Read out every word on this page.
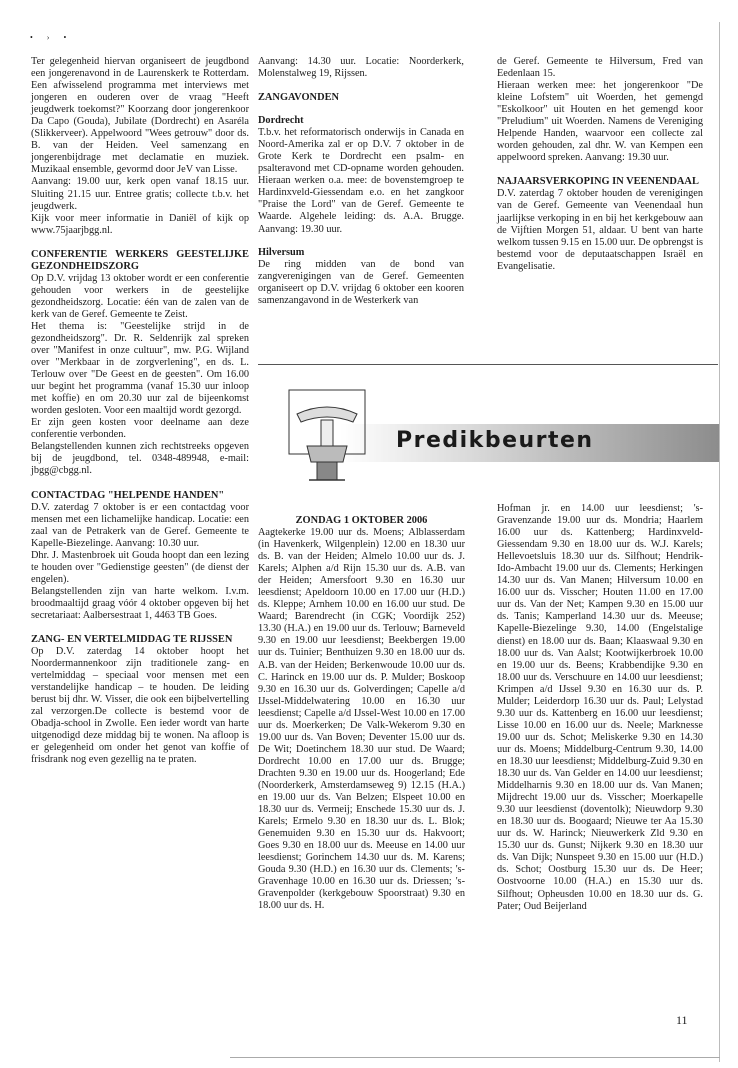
• › •

Ter gelegenheid hiervan organiseert de jeugdbond een jongerenavond in de Laurenskerk te Rotterdam. Een afwisselend programma met interviews met jongeren en ouderen over de vraag "Heeft jeugdwerk toekomst?" Koorzang door jongerenkoor Da Capo (Gouda), Jubilate (Dordrecht) en Asaréla (Slikkerveer). Appelwoord "Wees getrouw" door ds. B. van der Heiden. Veel samenzang en jongerenbijdrage met declamatie en muziek. Muzikaal ensemble, gevormd door JeV van Lisse.

Aanvang: 19.00 uur, kerk open vanaf 18.15 uur. Sluiting 21.15 uur. Entree gratis; collecte t.b.v. het jeugdwerk.

Kijk voor meer informatie in Daniël of kijk op www.75jaarjbgg.nl.

CONFERENTIE WERKERS GEESTELIJKE GEZONDHEIDSZORG

Op D.V. vrijdag 13 oktober wordt er een conferentie gehouden voor werkers in de geestelijke gezondheidszorg. Locatie: één van de zalen van de kerk van de Geref. Gemeente te Zeist.

Het thema is: "Geestelijke strijd in de gezondheidszorg". Dr. R. Seldenrijk zal spreken over "Manifest in onze cultuur", mw. P.G. Wijland over "Merkbaar in de zorgverlening", en ds. L. Terlouw over "De Geest en de geesten". Om 16.00 uur begint het programma (vanaf 15.30 uur inloop met koffie) en om 20.30 uur zal de bijeenkomst worden gesloten. Voor een maaltijd wordt gezorgd.

Er zijn geen kosten voor deelname aan deze conferentie verbonden.

Belangstellenden kunnen zich rechtstreeks opgeven bij de jeugdbond, tel. 0348-489948, e-mail: jbgg@cbgg.nl.

CONTACTDAG "HELPENDE HANDEN"

D.V. zaterdag 7 oktober is er een contactdag voor mensen met een lichamelijke handicap. Locatie: een zaal van de Petrakerk van de Geref. Gemeente te Kapelle-Biezelinge. Aanvang: 10.30 uur.

Dhr. J. Mastenbroek uit Gouda hoopt dan een lezing te houden over "Gedienstige geesten" (de dienst der engelen).

Belangstellenden zijn van harte welkom. I.v.m. broodmaaltijd graag vóór 4 oktober opgeven bij het secretariaat: Aalbersestraat 1, 4463 TB Goes.

ZANG- EN VERTELMIDDAG TE RIJSSEN

Op D.V. zaterdag 14 oktober hoopt het Noordermannenkoor zijn traditionele zang- en vertelmiddag – speciaal voor mensen met een verstandelijke handicap – te houden. De leiding berust bij dhr. W. Visser, die ook een bijbelvertelling zal verzorgen.De collecte is bestemd voor de Obadja-school in Zwolle. Een ieder wordt van harte uitgenodigd deze middag bij te wonen. Na afloop is er gelegenheid om onder het genot van koffie of frisdrank nog even gezellig na te praten.

Aanvang: 14.30 uur. Locatie: Noorderkerk, Molenstalweg 19, Rijssen.

ZANGAVONDEN

Dordrecht

T.b.v. het reformatorisch onderwijs in Canada en Noord-Amerika zal er op D.V. 7 oktober in de Grote Kerk te Dordrecht een psalm- en psalteravond met CD-opname worden gehouden. Hieraan werken o.a. mee: de bovenstemgroep te Hardinxveld-Giessendam e.o. en het zangkoor "Praise the Lord" van de Geref. Gemeente te Waarde. Algehele leiding: ds. A.A. Brugge. Aanvang: 19.30 uur.

Hilversum

De ring midden van de bond van zangverenigingen van de Geref. Gemeenten organiseert op D.V. vrijdag 6 oktober een kooren samenzangavond in de Westerkerk van

de Geref. Gemeente te Hilversum, Fred van Eedenlaan 15.

Hieraan werken mee: het jongerenkoor "De kleine Lofstem" uit Woerden, het gemengd "Eskolkoor" uit Houten en het gemengd koor "Preludium" uit Woerden. Namens de Vereniging Helpende Handen, waarvoor een collecte zal worden gehouden, zal dhr. W. van Kempen een appelwoord spreken. Aanvang: 19.30 uur.

NAJAARSVERKOPING IN VEENENDAAL

D.V. zaterdag 7 oktober houden de verenigingen van de Geref. Gemeente van Veenendaal hun jaarlijkse verkoping in en bij het kerkgebouw aan de Vijftien Morgen 51, aldaar. U bent van harte welkom tussen 9.15 en 15.00 uur. De opbrengst is bestemd voor de deputaatschappen Israël en Evangelisatie.

Predikbeurten

ZONDAG 1 OKTOBER 2006

Aagtekerke 19.00 uur ds. Moens; Alblasserdam (in Havenkerk, Wilgenplein) 12.00 en 18.30 uur ds. B. van der Heiden; Almelo 10.00 uur ds. J. Karels; Alphen a/d Rijn 15.30 uur ds. A.B. van der Heiden; Amersfoort 9.30 en 16.30 uur leesdienst; Apeldoorn 10.00 en 17.00 uur (H.D.) ds. Kleppe; Arnhem 10.00 en 16.00 uur stud. De Waard; Barendrecht (in CGK; Voordijk 252) 13.30 (H.A.) en 19.00 uur ds. Terlouw; Barneveld 9.30 en 19.00 uur leesdienst; Beekbergen 19.00 uur ds. Tuinier; Benthuizen 9.30 en 18.00 uur ds. A.B. van der Heiden; Berkenwoude 10.00 uur ds. C. Harinck en 19.00 uur ds. P. Mulder; Boskoop 9.30 en 16.30 uur ds. Golverdingen; Capelle a/d IJssel-Middelwatering 10.00 en 16.30 uur leesdienst; Capelle a/d IJssel-West 10.00 en 17.00 uur ds. Moerkerken; De Valk-Wekerom 9.30 en 19.00 uur ds. Van Boven; Deventer 15.00 uur ds. De Wit; Doetinchem 18.30 uur stud. De Waard; Dordrecht 10.00 en 17.00 uur ds. Brugge; Drachten 9.30 en 19.00 uur ds. Hoogerland; Ede (Noorderkerk, Amsterdamseweg 9) 12.15 (H.A.) en 19.00 uur ds. Van Belzen; Elspeet 10.00 en 18.30 uur ds. Vermeij; Enschede 15.30 uur ds. J. Karels; Ermelo 9.30 en 18.30 uur ds. L. Blok; Genemuiden 9.30 en 15.30 uur ds. Hakvoort; Goes 9.30 en 18.00 uur ds. Meeuse en 14.00 uur leesdienst; Gorinchem 14.30 uur ds. M. Karens; Gouda 9.30 (H.D.) en 16.30 uur ds. Clements; 's-Gravenhage 10.00 en 16.30 uur ds. Driessen; 's-Gravenpolder (kerkgebouw Spoorstraat) 9.30 en 18.00 uur ds. H.

Hofman jr. en 14.00 uur leesdienst; 's-Gravenzande 19.00 uur ds. Mondria; Haarlem 16.00 uur ds. Kattenberg; Hardinxveld-Giessendam 9.30 en 18.00 uur ds. W.J. Karels; Hellevoetsluis 18.30 uur ds. Silfhout; Hendrik-Ido-Ambacht 19.00 uur ds. Clements; Herkingen 14.30 uur ds. Van Manen; Hilversum 10.00 en 16.00 uur ds. Visscher; Houten 11.00 en 17.00 uur ds. Van der Net; Kampen 9.30 en 15.00 uur ds. Tanis; Kamperland 14.30 uur ds. Meeuse; Kapelle-Biezelinge 9.30, 14.00 (Engelstalige dienst) en 18.00 uur ds. Baan; Klaaswaal 9.30 en 18.00 uur ds. Van Aalst; Kootwijkerbroek 10.00 en 19.00 uur ds. Beens; Krabbendijke 9.30 en 18.00 uur ds. Verschuure en 14.00 uur leesdienst; Krimpen a/d IJssel 9.30 en 16.30 uur ds. P. Mulder; Leiderdorp 16.30 uur ds. Paul; Lelystad 9.30 uur ds. Kattenberg en 16.00 uur leesdienst; Lisse 10.00 en 16.00 uur ds. Neele; Marknesse 19.00 uur ds. Schot; Meliskerke 9.30 en 14.30 uur ds. Moens; Middelburg-Centrum 9.30, 14.00 en 18.30 uur leesdienst; Middelburg-Zuid 9.30 en 18.30 uur ds. Van Gelder en 14.00 uur leesdienst; Middelharnis 9.30 en 18.00 uur ds. Van Manen; Mijdrecht 19.00 uur ds. Visscher; Moerkapelle 9.30 uur leesdienst (doventolk); Nieuwdorp 9.30 en 18.30 uur ds. Boogaard; Nieuwe ter Aa 15.30 uur ds. W. Harinck; Nieuwerkerk Zld 9.30 en 15.30 uur ds. Gunst; Nijkerk 9.30 en 18.30 uur ds. Van Dijk; Nunspeet 9.30 en 15.00 uur (H.D.) ds. Schot; Oostburg 15.30 uur ds. De Heer; Oostvoorne 10.00 (H.A.) en 15.30 uur ds. Silfhout; Opheusden 10.00 en 18.30 uur ds. G. Pater; Oud Beijerland

11
